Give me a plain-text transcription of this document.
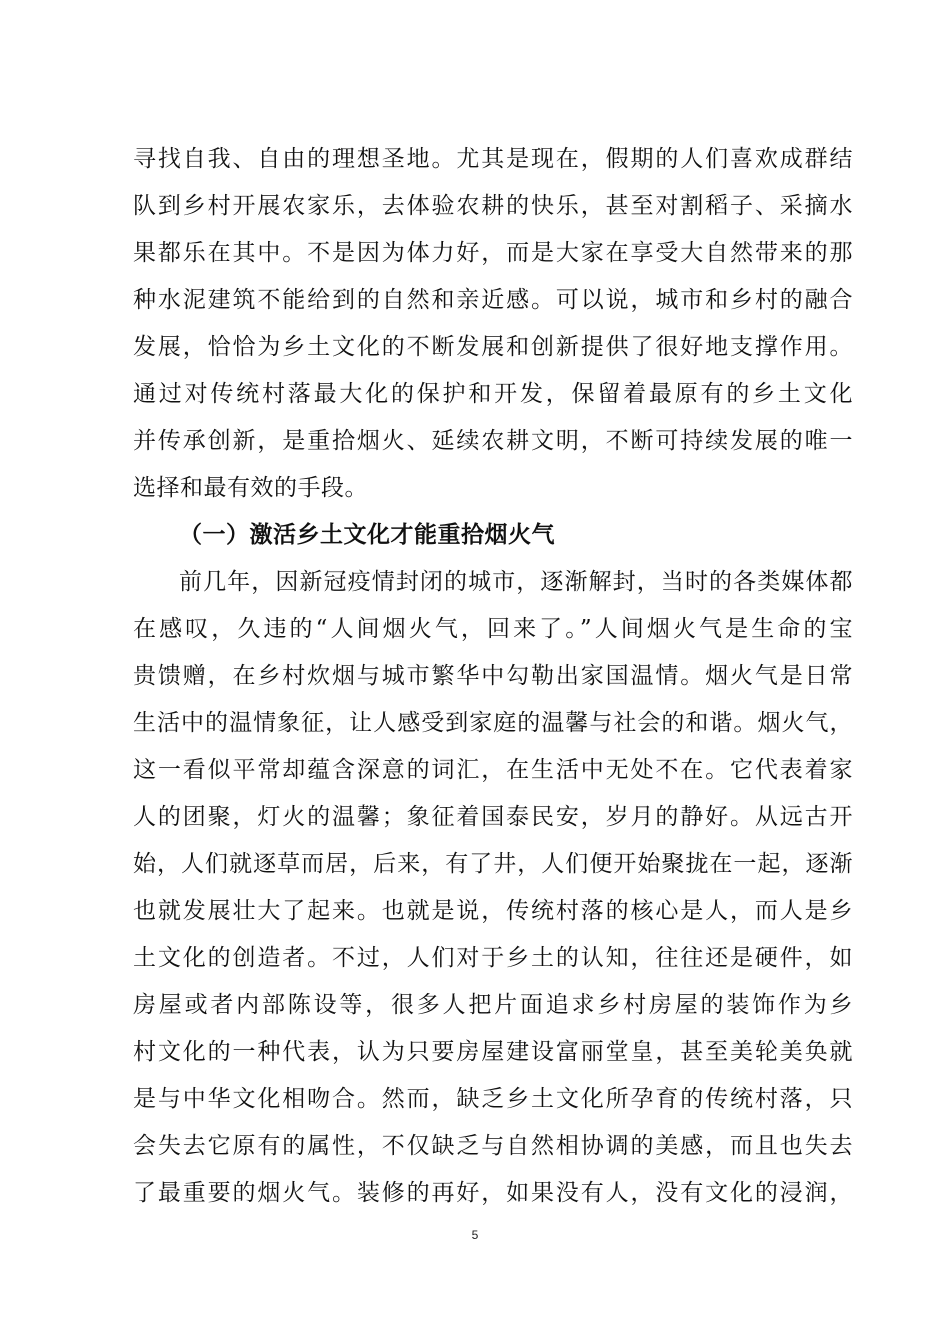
寻找自我、自由的理想圣地。尤其是现在，假期的人们喜欢成群结
队到乡村开展农家乐，去体验农耕的快乐，甚至对割稻子、采摘水
果都乐在其中。不是因为体力好，而是大家在享受大自然带来的那
种水泥建筑不能给到的自然和亲近感。可以说，城市和乡村的融合
发展，恰恰为乡土文化的不断发展和创新提供了很好地支撑作用。
通过对传统村落最大化的保护和开发，保留着最原有的乡土文化
并传承创新，是重拾烟火、延续农耕文明，不断可持续发展的唯一
选择和最有效的手段。
（一）激活乡土文化才能重拾烟火气
前几年，因新冠疫情封闭的城市，逐渐解封，当时的各类媒体都
在感叹，久违的“人间烟火气，回来了。”人间烟火气是生命的宝
贵馈赠，在乡村炊烟与城市繁华中勾勒出家国温情。烟火气是日常
生活中的温情象征，让人感受到家庭的温馨与社会的和谐。烟火气，
这一看似平常却蕴含深意的词汇，在生活中无处不在。它代表着家
人的团聚，灯火的温馨；象征着国泰民安，岁月的静好。从远古开
始，人们就逐草而居，后来，有了井，人们便开始聚拢在一起，逐渐
也就发展壮大了起来。也就是说，传统村落的核心是人，而人是乡
土文化的创造者。不过，人们对于乡土的认知，往往还是硬件，如
房屋或者内部陈设等，很多人把片面追求乡村房屋的装饰作为乡
村文化的一种代表，认为只要房屋建设富丽堂皇，甚至美轮美奂就
是与中华文化相吻合。然而，缺乏乡土文化所孕育的传统村落，只
会失去它原有的属性，不仅缺乏与自然相协调的美感，而且也失去
了最重要的烟火气。装修的再好，如果没有人，没有文化的浸润，
5
